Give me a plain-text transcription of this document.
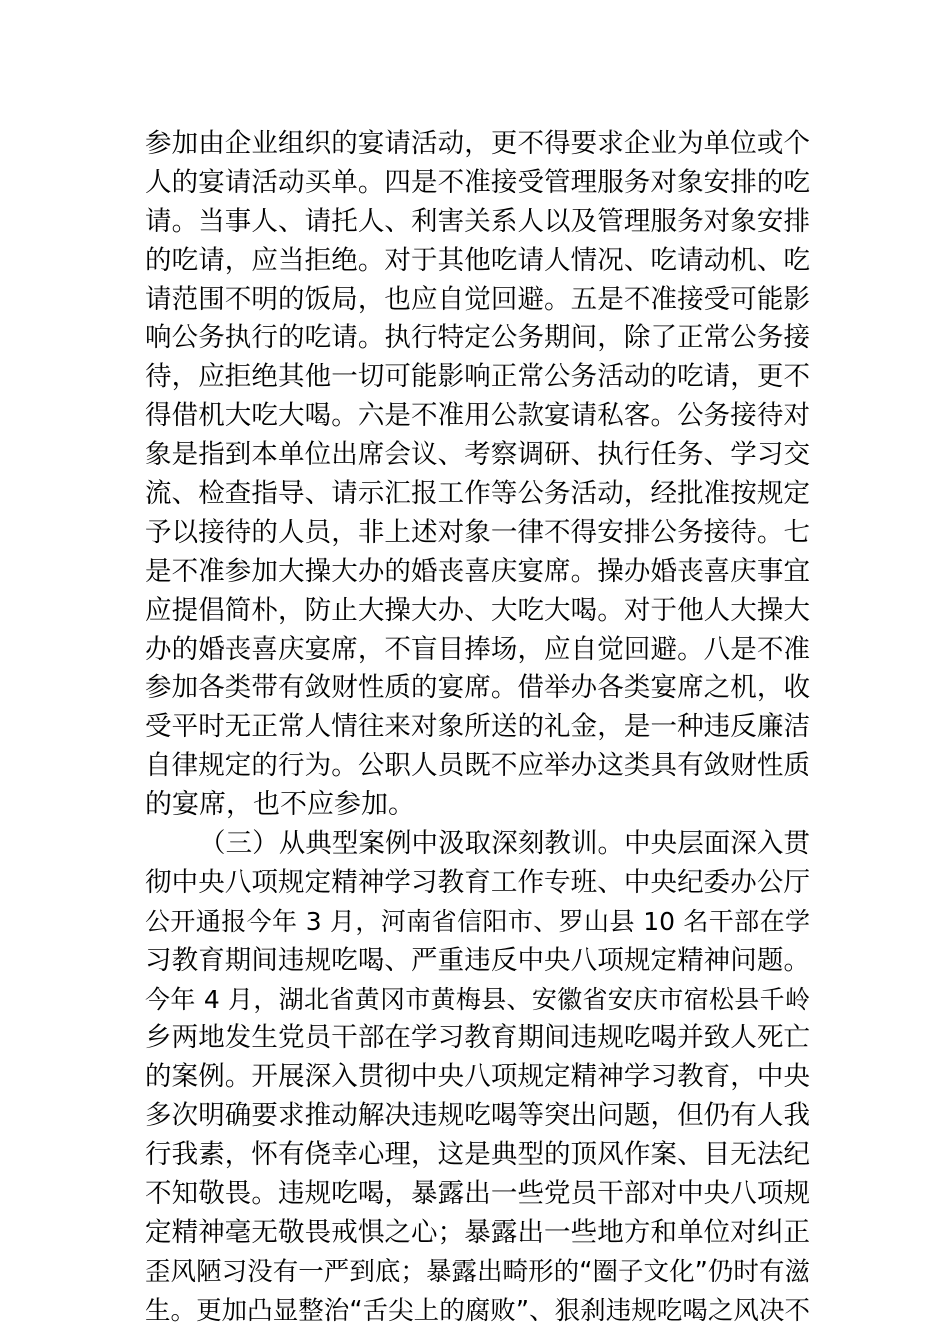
参加由企业组织的宴请活动，更不得要求企业为单位或个
人的宴请活动买单。四是不准接受管理服务对象安排的吃
请。当事人、请托人、利害关系人以及管理服务对象安排
的吃请，应当拒绝。对于其他吃请人情况、吃请动机、吃
请范围不明的饭局，也应自觉回避。五是不准接受可能影
响公务执行的吃请。执行特定公务期间，除了正常公务接
待，应拒绝其他一切可能影响正常公务活动的吃请，更不
得借机大吃大喝。六是不准用公款宴请私客。公务接待对
象是指到本单位出席会议、考察调研、执行任务、学习交
流、检查指导、请示汇报工作等公务活动，经批准按规定
予以接待的人员，非上述对象一律不得安排公务接待。七
是不准参加大操大办的婚丧喜庆宴席。操办婚丧喜庆事宜
应提倡简朴，防止大操大办、大吃大喝。对于他人大操大
办的婚丧喜庆宴席，不盲目捧场，应自觉回避。八是不准
参加各类带有敛财性质的宴席。借举办各类宴席之机，收
受平时无正常人情往来对象所送的礼金，是一种违反廉洁
自律规定的行为。公职人员既不应举办这类具有敛财性质
的宴席，也不应参加。
（三）从典型案例中汲取深刻教训。中央层面深入贯
彻中央八项规定精神学习教育工作专班、中央纪委办公厅
公开通报今年 3 月，河南省信阳市、罗山县 10 名干部在学
习教育期间违规吃喝、严重违反中央八项规定精神问题。
今年 4 月，湖北省黄冈市黄梅县、安徽省安庆市宿松县千岭
乡两地发生党员干部在学习教育期间违规吃喝并致人死亡
的案例。开展深入贯彻中央八项规定精神学习教育，中央
多次明确要求推动解决违规吃喝等突出问题，但仍有人我
行我素，怀有侥幸心理，这是典型的顶风作案、目无法纪
不知敬畏。违规吃喝，暴露出一些党员干部对中央八项规
定精神毫无敬畏戒惧之心；暴露出一些地方和单位对纠正
歪风陋习没有一严到底；暴露出畸形的“圈子文化”仍时有滋
生。更加凸显整治“舌尖上的腐败”、狠刹违规吃喝之风决不
